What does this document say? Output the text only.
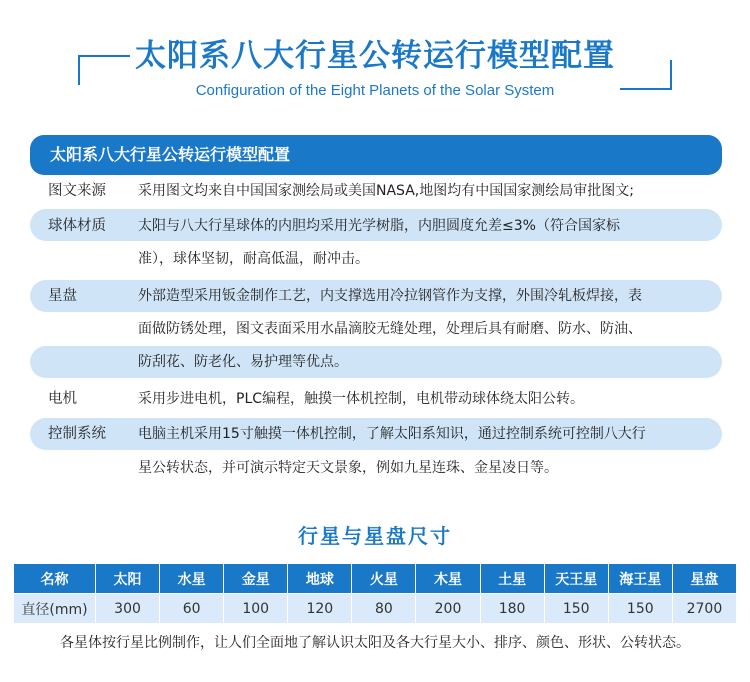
太阳系八大行星公转运行模型配置
Configuration of the Eight Planets of the Solar System
太阳系八大行星公转运行模型配置
图文来源 采用图文均来自中国国家测绘局或美国NASA,地图均有中国国家测绘局审批图文;
球体材质 太阳与八大行星球体的内胆均采用光学树脂，内胆圆度允差≤3%（符合国家标
准），球体坚韧，耐高低温，耐冲击。
星盘	外部造型采用钣金制作工艺，内支撑选用冷拉钢管作为支撑，外围冷轧板焊接，表
面做防锈处理，图文表面采用水晶滴胶无缝处理，处理后具有耐磨、防水、防油、
防刮花、防老化、易护理等优点。
电机	采用步进电机，PLC编程，触摸一体机控制，电机带动球体绕太阳公转。
控制系统 电脑主机采用15寸触摸一体机控制，了解太阳系知识，通过控制系统可控制八大行
星公转状态，并可演示特定天文景象，例如九星连珠、金星凌日等。
行星与星盘尺寸
名称	太阳	水星	金星	地球	火星	木星	土星	天王星	海王星	星盘
直径(mm)	300	60	100	120	80	200	180	150	150	2700
各星体按行星比例制作，让人们全面地了解认识太阳及各大行星大小、排序、颜色、形状、公转状态。
